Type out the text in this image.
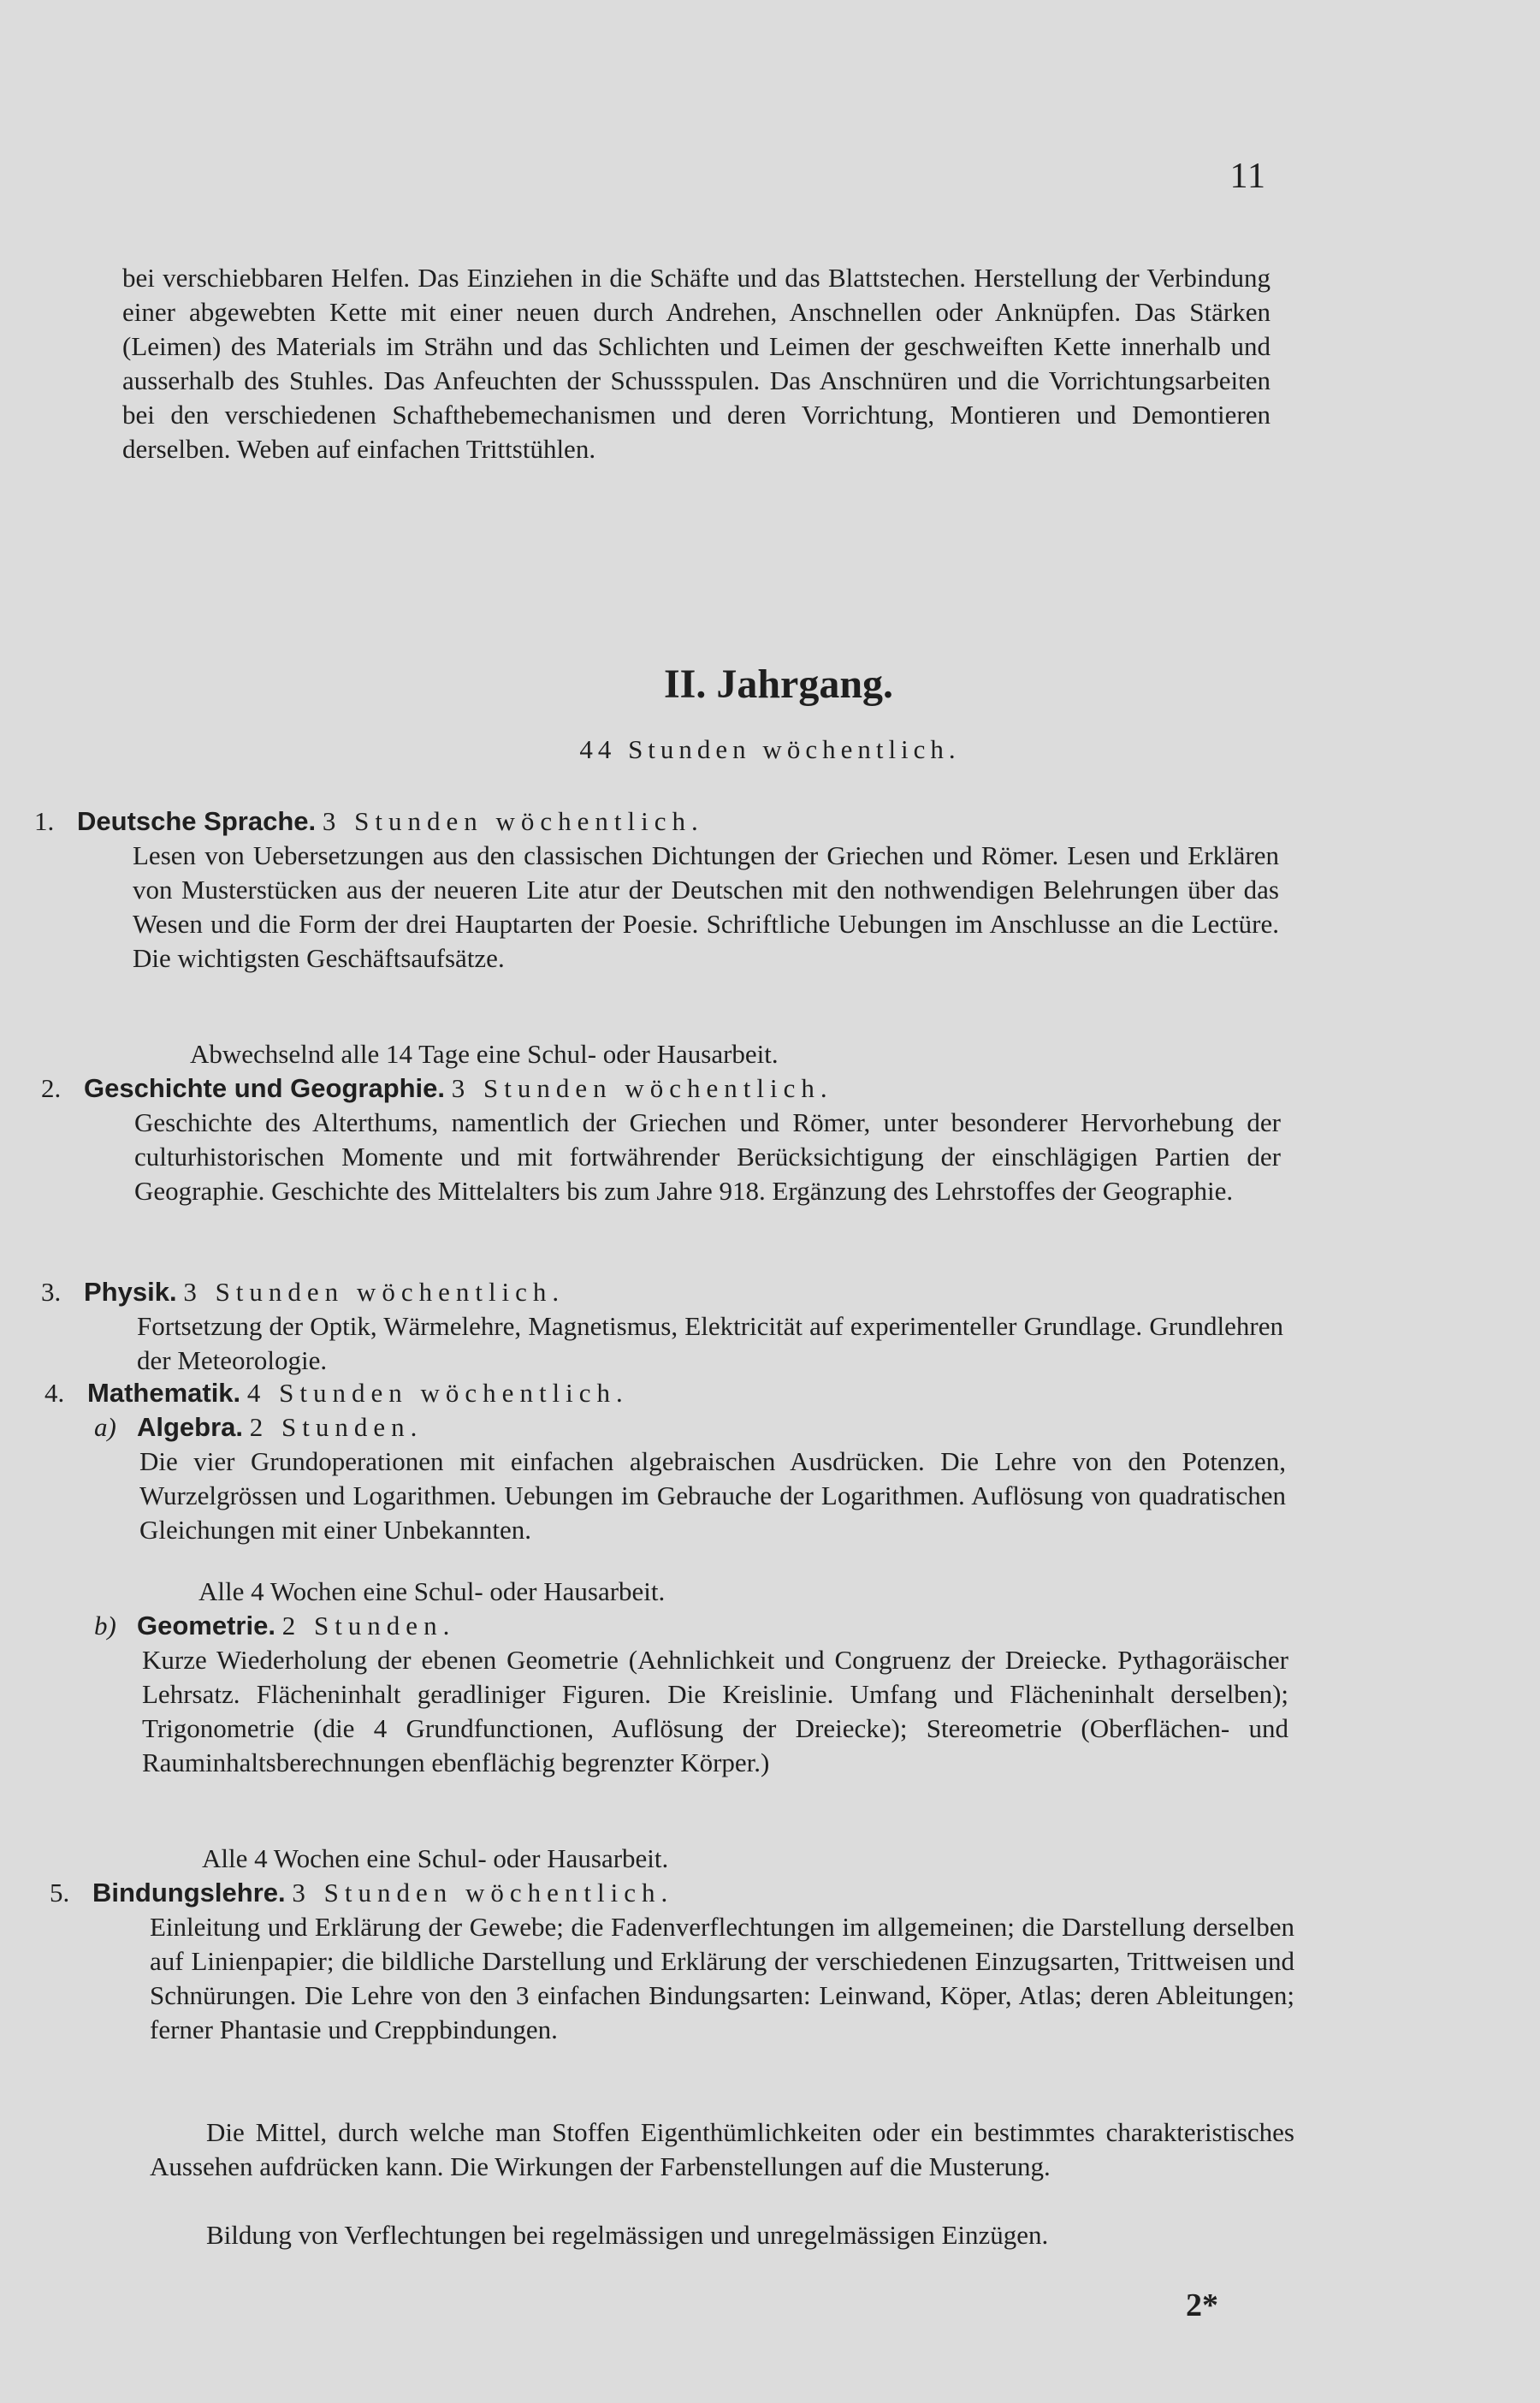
11
bei verschiebbaren Helfen. Das Einziehen in die Schäfte und das Blattstechen. Herstellung der Verbindung einer abgewebten Kette mit einer neuen durch Andrehen, Anschnellen oder Anknüpfen. Das Stärken (Leimen) des Materials im Strähn und das Schlichten und Leimen der geschweiften Kette innerhalb und ausserhalb des Stuhles. Das Anfeuchten der Schussspulen. Das Anschnüren und die Vorrichtungsarbeiten bei den verschiedenen Schafthebemechanismen und deren Vorrichtung, Montieren und Demontieren derselben. Weben auf einfachen Trittstühlen.
II. Jahrgang.
44 Stunden wöchentlich.
1. Deutsche Sprache. 3 Stunden wöchentlich.
Lesen von Uebersetzungen aus den classischen Dichtungen der Griechen und Römer. Lesen und Erklären von Musterstücken aus der neueren Lite atur der Deutschen mit den nothwendigen Belehrungen über das Wesen und die Form der drei Hauptarten der Poesie. Schriftliche Uebungen im Anschlusse an die Lectüre. Die wichtigsten Geschäftsaufsätze.
Abwechselnd alle 14 Tage eine Schul- oder Hausarbeit.
2. Geschichte und Geographie. 3 Stunden wöchentlich.
Geschichte des Alterthums, namentlich der Griechen und Römer, unter besonderer Hervorhebung der culturhistorischen Momente und mit fortwährender Berücksichtigung der einschlägigen Partien der Geographie. Geschichte des Mittelalters bis zum Jahre 918. Ergänzung des Lehrstoffes der Geographie.
3. Physik. 3 Stunden wöchentlich.
Fortsetzung der Optik, Wärmelehre, Magnetismus, Elektricität auf experimenteller Grundlage. Grundlehren der Meteorologie.
4. Mathematik. 4 Stunden wöchentlich.
a) Algebra. 2 Stunden.
Die vier Grundoperationen mit einfachen algebraischen Ausdrücken. Die Lehre von den Potenzen, Wurzelgrössen und Logarithmen. Uebungen im Gebrauche der Logarithmen. Auflösung von quadratischen Gleichungen mit einer Unbekannten.
Alle 4 Wochen eine Schul- oder Hausarbeit.
b) Geometrie. 2 Stunden.
Kurze Wiederholung der ebenen Geometrie (Aehnlichkeit und Congruenz der Dreiecke. Pythagoräischer Lehrsatz. Flächeninhalt geradliniger Figuren. Die Kreislinie. Umfang und Flächeninhalt derselben); Trigonometrie (die 4 Grundfunctionen, Auflösung der Dreiecke); Stereometrie (Oberflächen- und Rauminhaltsberechnungen ebenflächig begrenzter Körper.)
Alle 4 Wochen eine Schul- oder Hausarbeit.
5. Bindungslehre. 3 Stunden wöchentlich.
Einleitung und Erklärung der Gewebe; die Fadenverflechtungen im allgemeinen; die Darstellung derselben auf Linienpapier; die bildliche Darstellung und Erklärung der verschiedenen Einzugsarten, Trittweisen und Schnürungen. Die Lehre von den 3 einfachen Bindungsarten: Leinwand, Köper, Atlas; deren Ableitungen; ferner Phantasie und Creppbindungen.
Die Mittel, durch welche man Stoffen Eigenthümlichkeiten oder ein bestimmtes charakteristisches Aussehen aufdrücken kann. Die Wirkungen der Farbenstellungen auf die Musterung.
Bildung von Verflechtungen bei regelmässigen und unregelmässigen Einzügen.
2*
